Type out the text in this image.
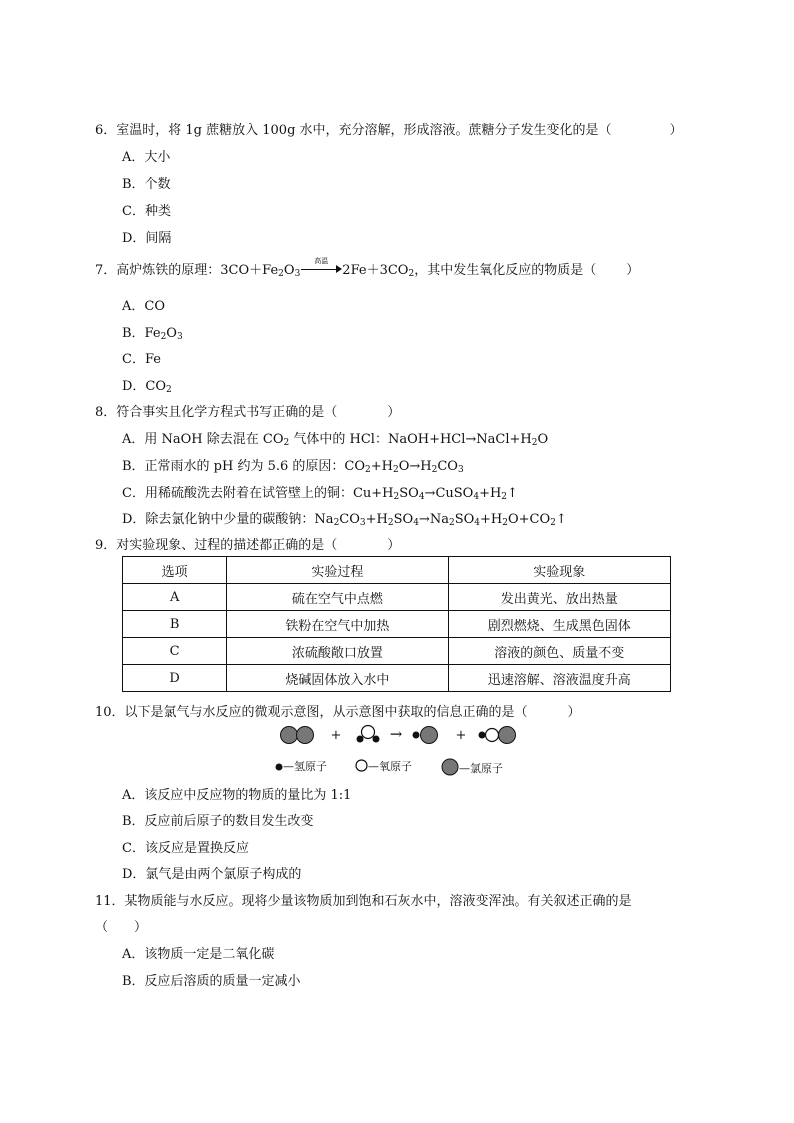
6．室温时，将 1g 蔗糖放入 100g 水中，充分溶解，形成溶液。蔗糖分子发生变化的是（	）
A．大小
B．个数
C．种类
D．间隔
7．高炉炼铁的原理：$3CO+Fe_2O_3$
高温
$2Fe+3CO_2$，其中发生氧化反应的物质是（ ）
A．CO
B．$Fe_2O_3$
C．Fe
D．$CO_2$
8．符合事实且化学方程式书写正确的是（	）
A．用 NaOH 除去混在 $CO_2$ 气体中的 HCl：$NaOH+HCl\to NaCl+H_2O$
B．正常雨水的 pH 约为 5.6 的原因：$CO_2+H_2O\to H_2CO_3$
C．用稀硫酸洗去附着在试管壁上的铜：$Cu+H_2SO_4\to CuSO_4+H_2↑$
D．除去氯化钠中少量的碳酸钠：$Na_2CO_3+H_2SO_4\to Na_2SO_4+H_2O+CO_2↑$
9．对实验现象、过程的描述都正确的是（	）
选项	实验过程	实验现象
A	硫在空气中点燃	发出黄光、放出热量
B	铁粉在空气中加热	剧烈燃烧、生成黑色固体
C	浓硫酸敞口放置	溶液的颜色、质量不变
D	烧碱固体放入水中	迅速溶解、溶液温度升高
10．以下是氯气与水反应的微观示意图，从示意图中获取的信息正确的是（	）
+	→	+
—氢原子	—氧原子	—氯原子
A．该反应中反应物的物质的量比为 1:1
B．反应前后原子的数目发生改变
C．该反应是置换反应
D．氯气是由两个氯原子构成的
11．某物质能与水反应。现将少量该物质加到饱和石灰水中，溶液变浑浊。有关叙述正确的是
（　　）
A．该物质一定是二氧化碳
B．反应后溶质的质量一定减小
